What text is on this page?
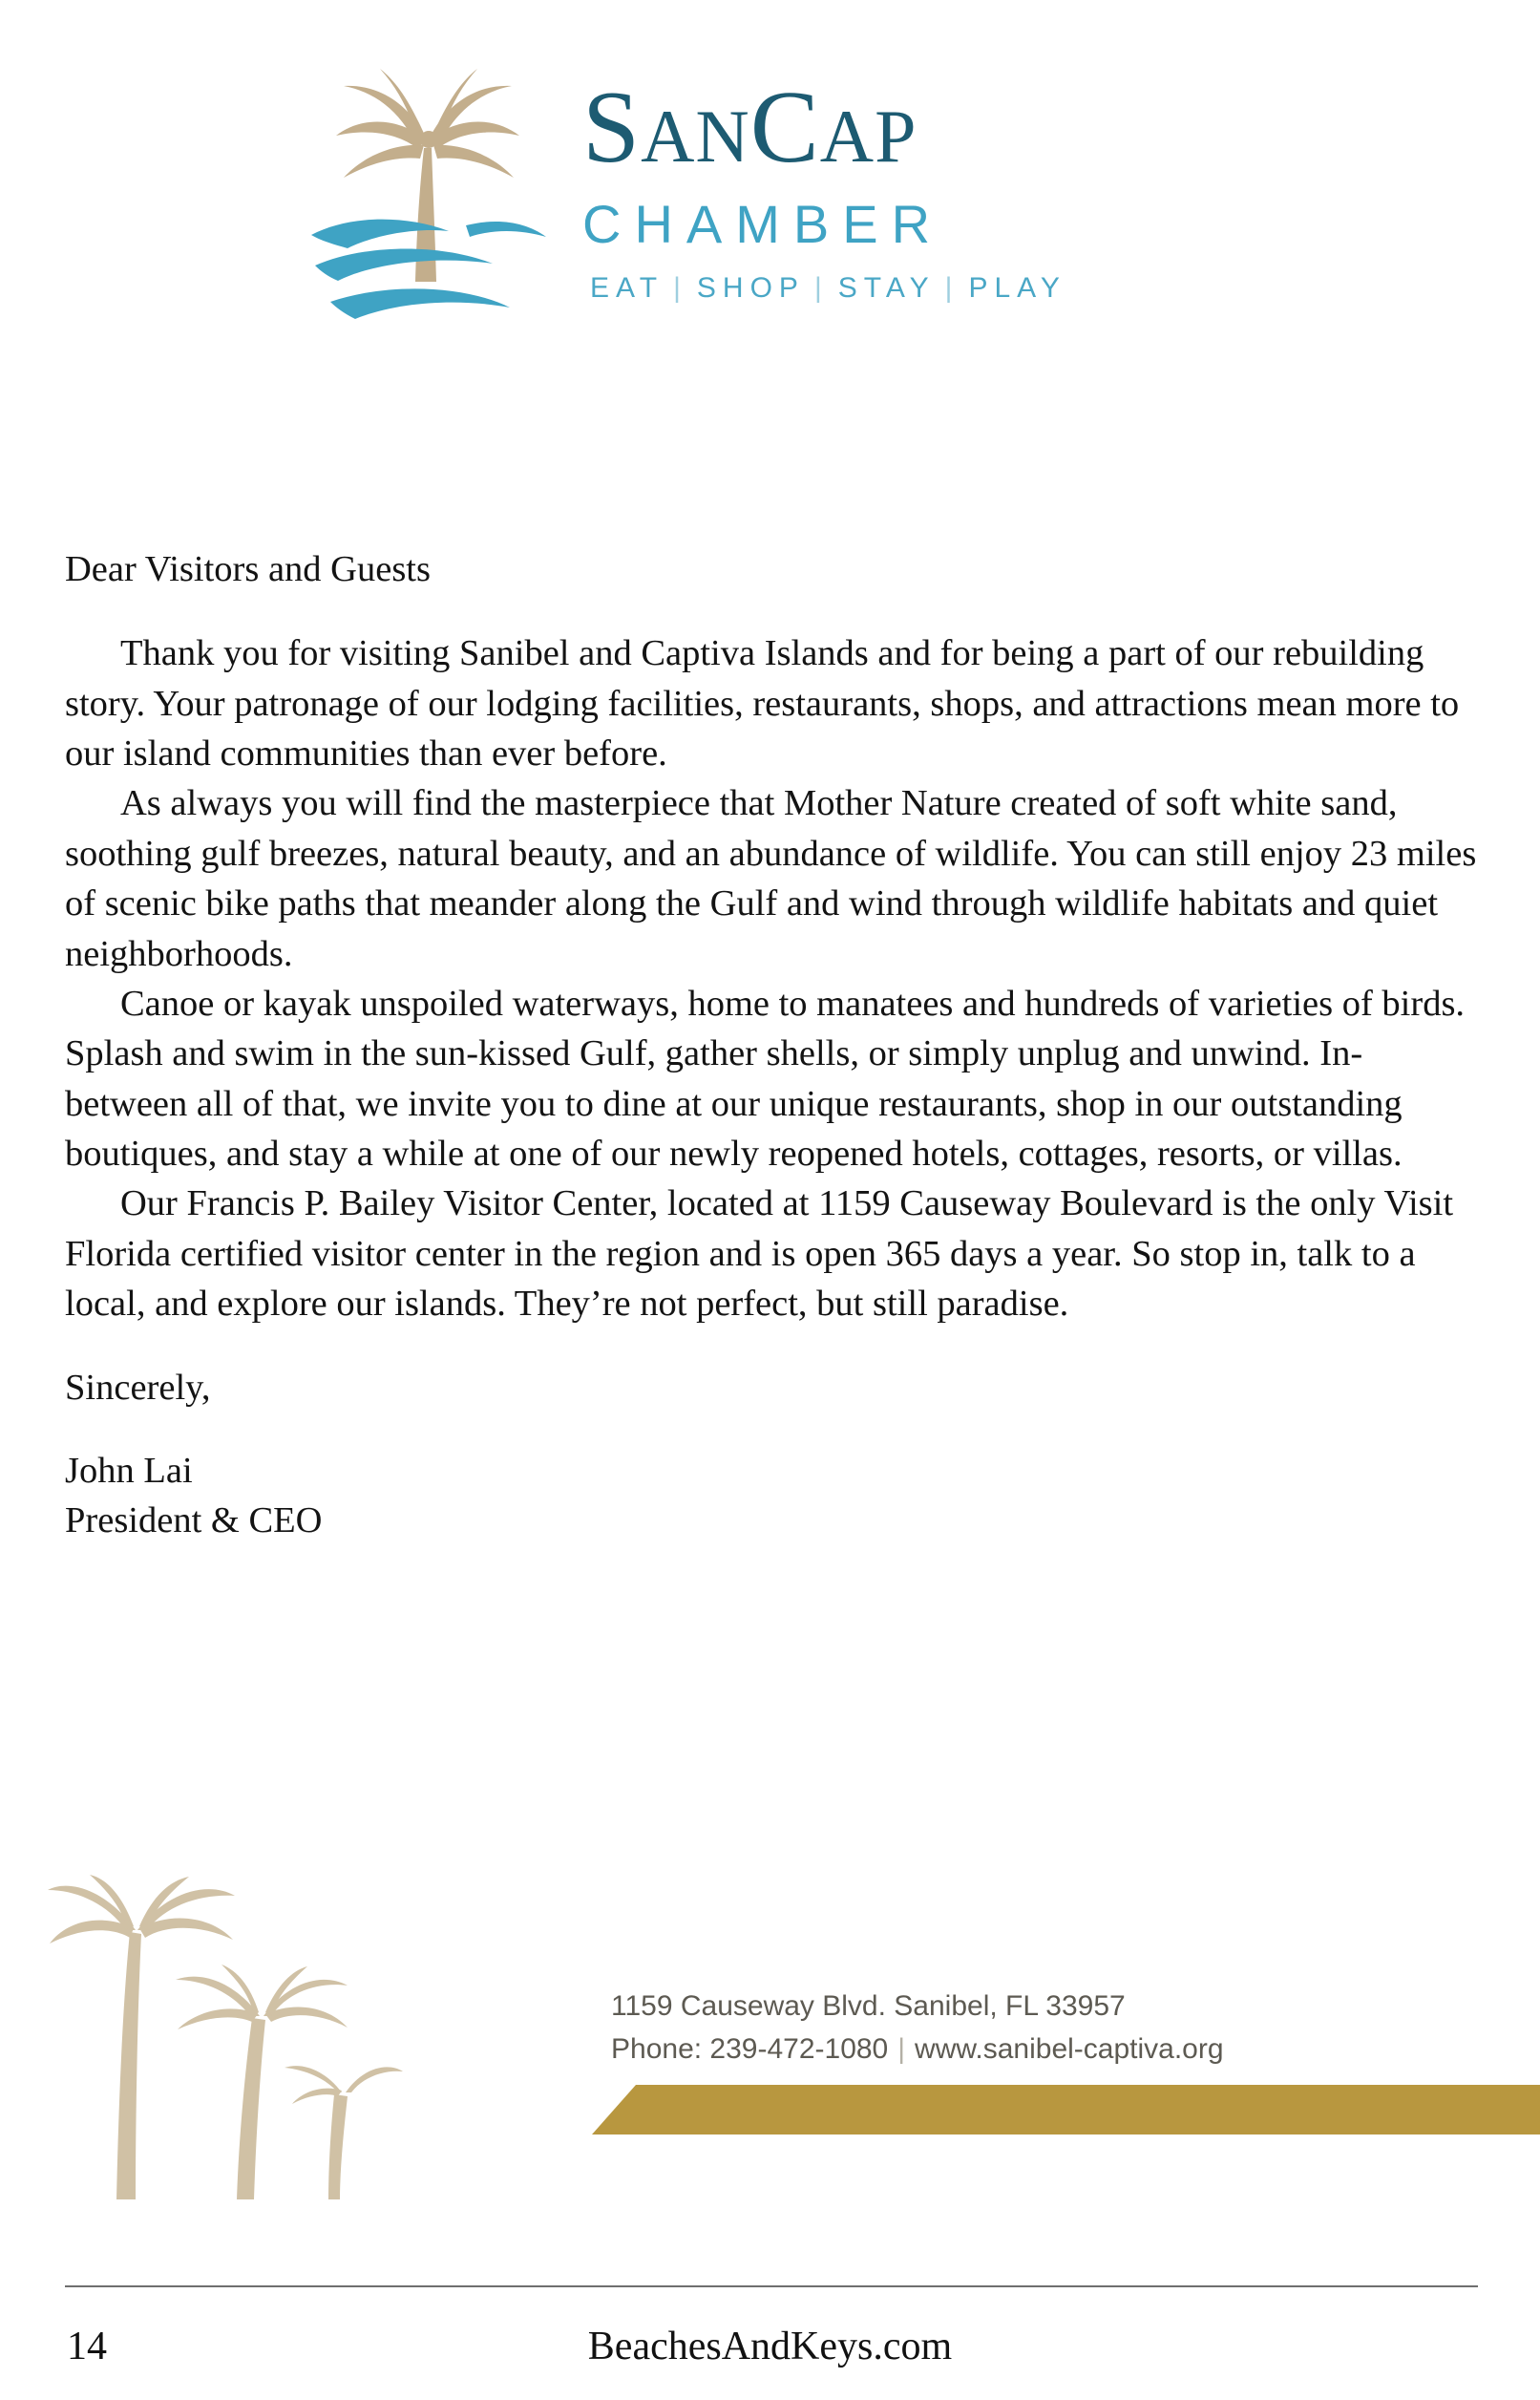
SANCAP
CHAMBER
EAT | SHOP | STAY | PLAY

Dear Visitors and Guests

Thank you for visiting Sanibel and Captiva Islands and for being a part of our rebuilding story. Your patronage of our lodging facilities, restaurants, shops, and attractions mean more to our island communities than ever before.

As always you will find the masterpiece that Mother Nature created of soft white sand, soothing gulf breezes, natural beauty, and an abundance of wildlife. You can still enjoy 23 miles of scenic bike paths that meander along the Gulf and wind through wildlife habitats and quiet neighborhoods.

Canoe or kayak unspoiled waterways, home to manatees and hundreds of varieties of birds. Splash and swim in the sun-kissed Gulf, gather shells, or simply unplug and unwind. In-between all of that, we invite you to dine at our unique restaurants, shop in our outstanding boutiques, and stay a while at one of our newly reopened hotels, cottages, resorts, or villas.

Our Francis P. Bailey Visitor Center, located at 1159 Causeway Boulevard is the only Visit Florida certified visitor center in the region and is open 365 days a year. So stop in, talk to a local, and explore our islands. They’re not perfect, but still paradise.

Sincerely,

John Lai

President & CEO

1159 Causeway Blvd. Sanibel, FL 33957
Phone: 239-472-1080 | www.sanibel-captiva.org
14	BeachesAndKeys.com
